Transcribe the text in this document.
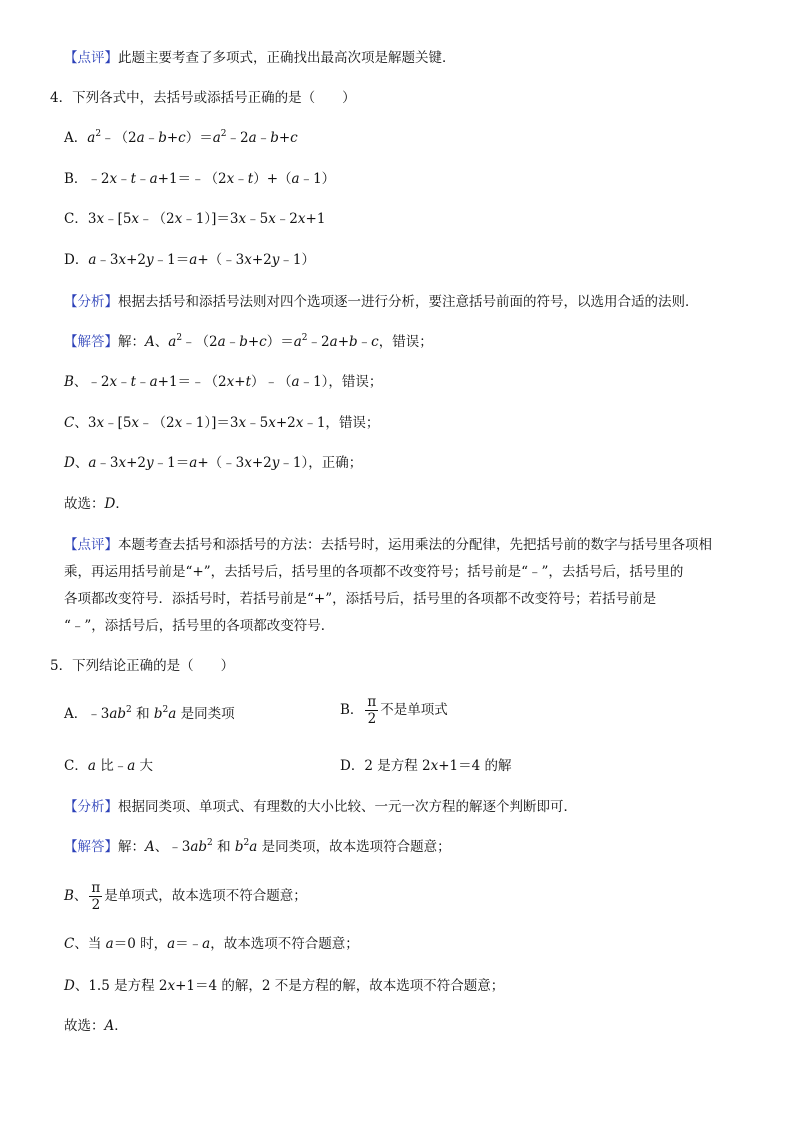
【点评】此题主要考查了多项式，正确找出最高次项是解题关键．
4．下列各式中，去括号或添括号正确的是（　　）
A．$a^2﹣(2a﹣b+c)=a^2﹣2a﹣b+c$
B．﹣2x﹣t﹣a+1＝﹣（2x﹣t）+（a﹣1）
C．3x﹣[5x﹣（2x﹣1）]＝3x﹣5x﹣2x+1
D．a﹣3x+2y﹣1＝a+（﹣3x+2y﹣1）
【分析】根据去括号和添括号法则对四个选项逐一进行分析，要注意括号前面的符号，以选用合适的法则．
【解答】解：A、$a^2﹣(2a﹣b+c)=a^2﹣2a+b﹣c$，错误；
B、﹣2x﹣t﹣a+1＝﹣（2x+t）﹣（a﹣1），错误；
C、3x﹣[5x﹣（2x﹣1）]＝3x﹣5x+2x﹣1，错误；
D、a﹣3x+2y﹣1＝a+（﹣3x+2y﹣1），正确；
故选：D．
【点评】本题考查去括号和添括号的方法：去括号时，运用乘法的分配律，先把括号前的数字与括号里各项相
乘，再运用括号前是“+”，去括号后，括号里的各项都不改变符号；括号前是“﹣”，去括号后，括号里的
各项都改变符号．添括号时，若括号前是“+”，添括号后，括号里的各项都不改变符号；若括号前是
“﹣”，添括号后，括号里的各项都改变符号．
5．下列结论正确的是（　　）
A．$﹣3ab^2$ 和 $b^2a$ 是同类项	B． $\frac{\pi}{2}$ 不是单项式
C．a 比﹣a 大	D．2 是方程 2x+1＝4 的解
【分析】根据同类项、单项式、有理数的大小比较、一元一次方程的解逐个判断即可．
【解答】解：A、$﹣3ab^2$ 和 $b^2a$ 是同类项，故本选项符合题意；
B、 $\frac{\pi}{2}$ 是单项式，故本选项不符合题意；
C、当 a＝0 时，a＝﹣a，故本选项不符合题意；
D、1.5 是方程 2x+1＝4 的解，2 不是方程的解，故本选项不符合题意；
故选：A．
